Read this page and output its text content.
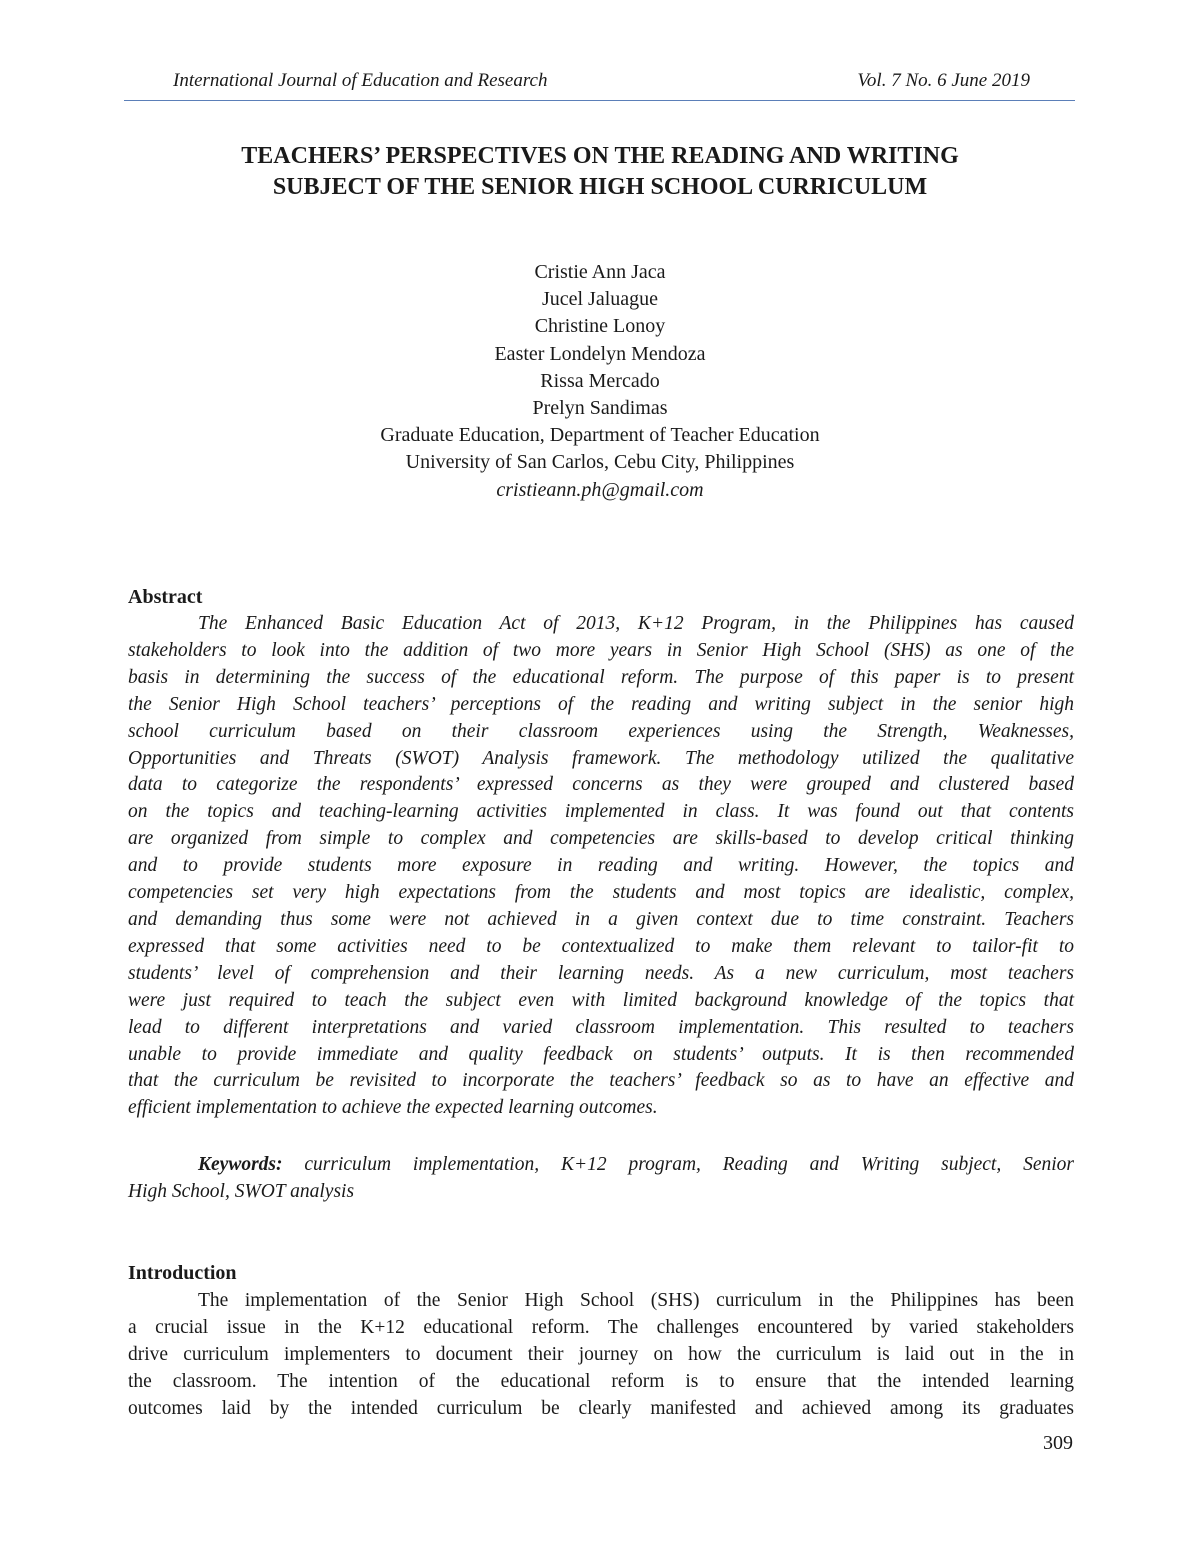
International Journal of Education and Research	Vol. 7 No. 6 June 2019
TEACHERS’ PERSPECTIVES ON THE READING AND WRITING
SUBJECT OF THE SENIOR HIGH SCHOOL CURRICULUM
Cristie Ann Jaca
Jucel Jaluague
Christine Lonoy
Easter Londelyn Mendoza
Rissa Mercado
Prelyn Sandimas
Graduate Education, Department of Teacher Education
University of San Carlos, Cebu City, Philippines
cristieann.ph@gmail.com
Abstract
The Enhanced Basic Education Act of 2013, K+12 Program, in the Philippines has caused
stakeholders to look into the addition of two more years in Senior High School (SHS) as one of the
basis in determining the success of the educational reform. The purpose of this paper is to present
the Senior High School teachers’ perceptions of the reading and writing subject in the senior high
school curriculum based on their classroom experiences using the Strength, Weaknesses,
Opportunities and Threats (SWOT) Analysis framework. The methodology utilized the qualitative
data to categorize the respondents’ expressed concerns as they were grouped and clustered based
on the topics and teaching-learning activities implemented in class. It was found out that contents
are organized from simple to complex and competencies are skills-based to develop critical thinking
and to provide students more exposure in reading and writing. However, the topics and
competencies set very high expectations from the students and most topics are idealistic, complex,
and demanding thus some were not achieved in a given context due to time constraint. Teachers
expressed that some activities need to be contextualized to make them relevant to tailor-fit to
students’ level of comprehension and their learning needs. As a new curriculum, most teachers
were just required to teach the subject even with limited background knowledge of the topics that
lead to different interpretations and varied classroom implementation. This resulted to teachers
unable to provide immediate and quality feedback on students’ outputs. It is then recommended
that the curriculum be revisited to incorporate the teachers’ feedback so as to have an effective and
efficient implementation to achieve the expected learning outcomes.
Keywords: curriculum implementation, K+12 program, Reading and Writing subject, Senior
High School, SWOT analysis
Introduction
The implementation of the Senior High School (SHS) curriculum in the Philippines has been
a crucial issue in the K+12 educational reform. The challenges encountered by varied stakeholders
drive curriculum implementers to document their journey on how the curriculum is laid out in the in
the classroom. The intention of the educational reform is to ensure that the intended learning
outcomes laid by the intended curriculum be clearly manifested and achieved among its graduates
309
